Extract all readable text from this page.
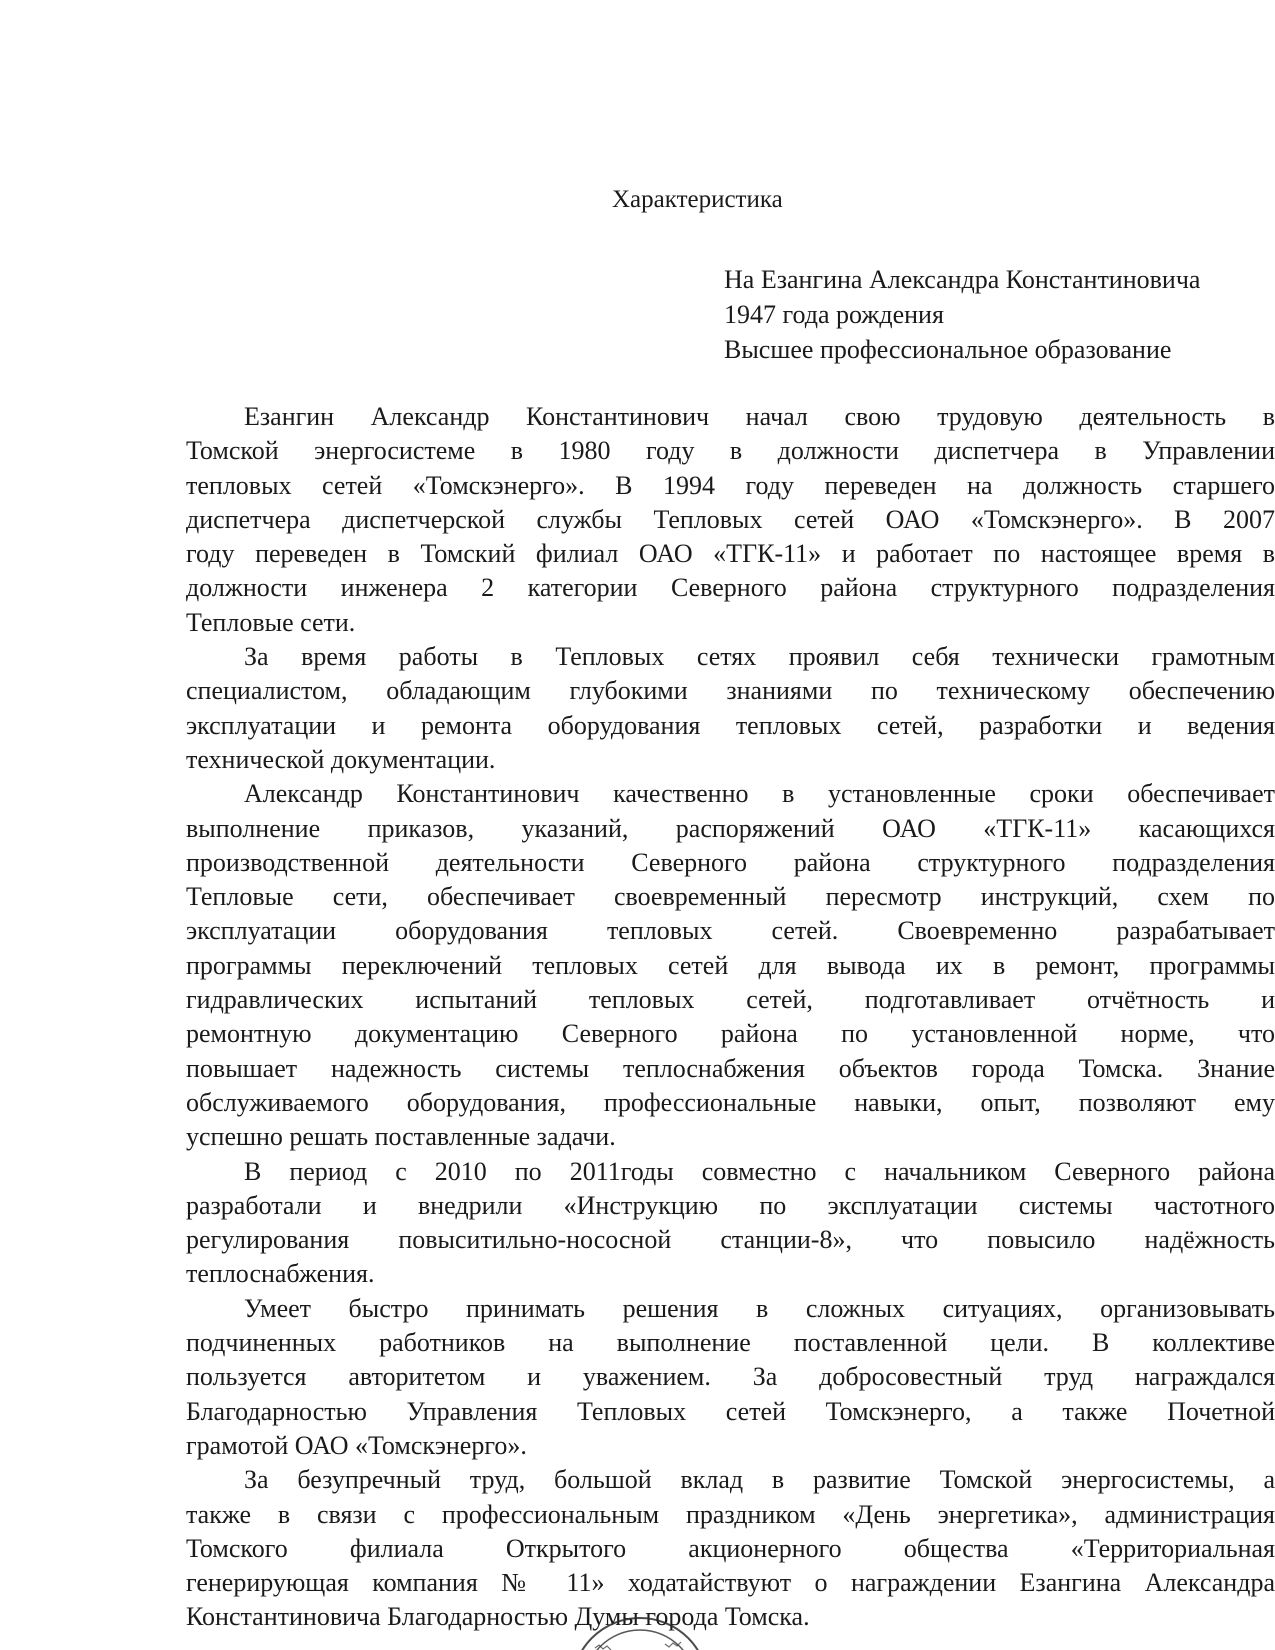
Характеристика
На Езангина Александра Константиновича
1947 года рождения
Высшее профессиональное образование
Езангин Александр Константинович начал свою трудовую деятельность в
Томской энергосистеме в 1980 году в должности диспетчера в Управлении
тепловых сетей «Томскэнерго». В 1994 году переведен на должность старшего
диспетчера диспетчерской службы Тепловых сетей ОАО «Томскэнерго». В 2007
году переведен в Томский филиал ОАО «ТГК-11» и работает по настоящее время в
должности инженера 2 категории Северного района структурного подразделения
Тепловые сети.
За время работы в Тепловых сетях проявил себя технически грамотным
специалистом, обладающим глубокими знаниями по техническому обеспечению
эксплуатации и ремонта оборудования тепловых сетей, разработки и ведения
технической документации.
Александр Константинович качественно в установленные сроки обеспечивает
выполнение приказов, указаний, распоряжений ОАО «ТГК-11» касающихся
производственной деятельности Северного района структурного подразделения
Тепловые сети, обеспечивает своевременный пересмотр инструкций, схем по
эксплуатации оборудования тепловых сетей. Своевременно разрабатывает
программы переключений тепловых сетей для вывода их в ремонт, программы
гидравлических испытаний тепловых сетей, подготавливает отчётность и
ремонтную документацию Северного района по установленной норме, что
повышает надежность системы теплоснабжения объектов города Томска. Знание
обслуживаемого оборудования, профессиональные навыки, опыт, позволяют ему
успешно решать поставленные задачи.
В период с 2010 по 2011годы совместно с начальником Северного района
разработали и внедрили «Инструкцию по эксплуатации системы частотного
регулирования повыситильно-нососной станции-8», что повысило надёжность
теплоснабжения.
Умеет быстро принимать решения в сложных ситуациях, организовывать
подчиненных работников на выполнение поставленной цели. В коллективе
пользуется авторитетом и уважением. За добросовестный труд награждался
Благодарностью Управления Тепловых сетей Томскэнерго, а также Почетной
грамотой ОАО «Томскэнерго».
За безупречный труд, большой вклад в развитие Томской энергосистемы, а
также в связи с профессиональным праздником «День энергетика», администрация
Томского филиала Открытого акционерного общества «Территориальная
генерирующая компания № 11» ходатайствуют о награждении Езангина Александра
Константиновича Благодарностью Думы города Томска.
